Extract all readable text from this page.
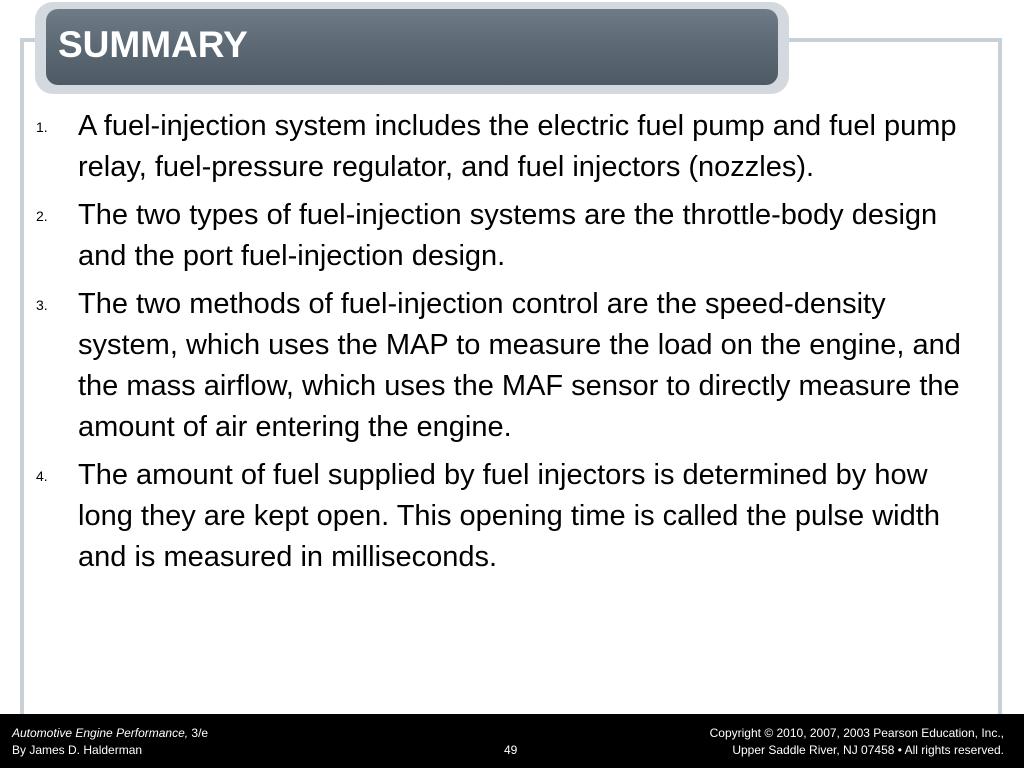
SUMMARY
1. A fuel-injection system includes the electric fuel pump and fuel pump relay, fuel-pressure regulator, and fuel injectors (nozzles).
2. The two types of fuel-injection systems are the throttle-body design and the port fuel-injection design.
3. The two methods of fuel-injection control are the speed-density system, which uses the MAP to measure the load on the engine, and the mass airflow, which uses the MAF sensor to directly measure the amount of air entering the engine.
4. The amount of fuel supplied by fuel injectors is determined by how long they are kept open. This opening time is called the pulse width and is measured in milliseconds.
Automotive Engine Performance, 3/e
By James D. Halderman	49
Copyright © 2010, 2007, 2003 Pearson Education, Inc.,
Upper Saddle River, NJ 07458 • All rights reserved.
